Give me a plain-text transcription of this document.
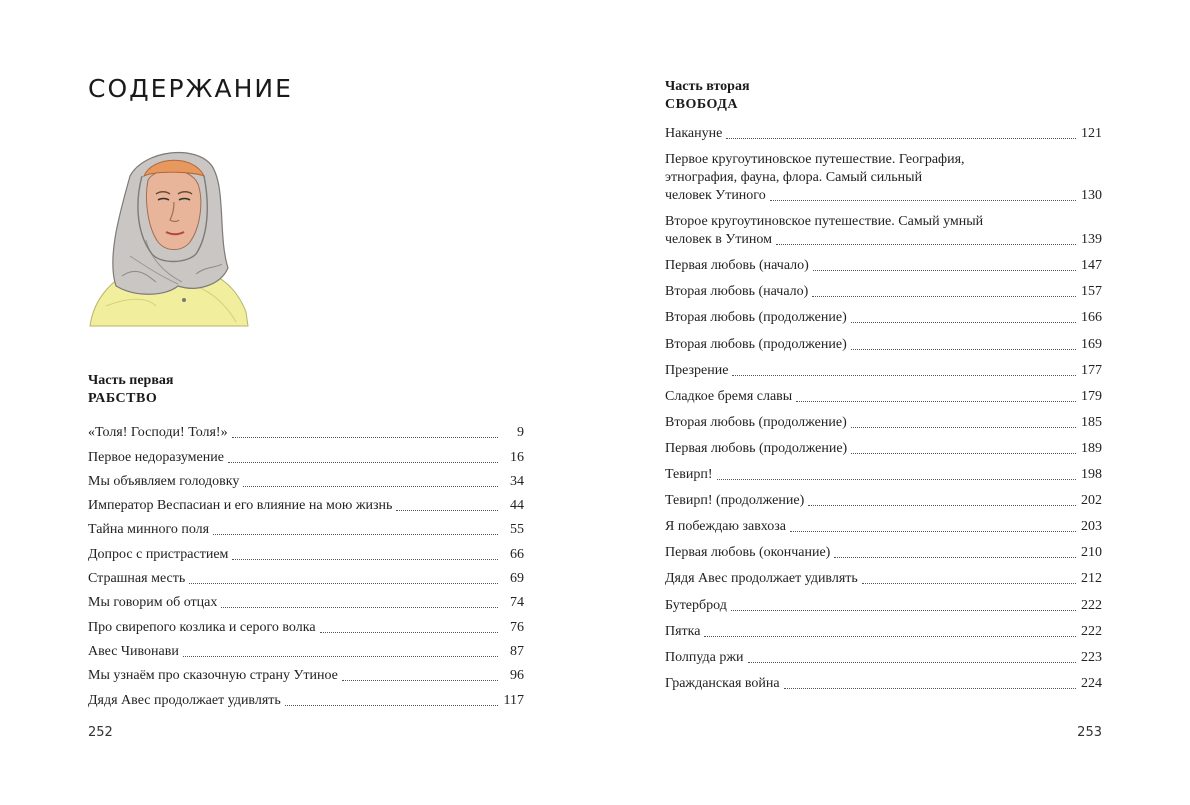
СОДЕРЖАНИЕ
Часть первая
РАБСТВО
«Толя! Господи! Толя!»	9
Первое недоразумение	16
Мы объявляем голодовку	34
Император Веспасиан и его влияние на мою жизнь	44
Тайна минного поля	55
Допрос с пристрастием	66
Страшная месть	69
Мы говорим об отцах	74
Про свирепого козлика и серого волка	76
Авес Чивонави	87
Мы узнаём про сказочную страну Утиное	96
Дядя Авес продолжает удивлять	117
252
Часть вторая
СВОБОДА
253
Накануне	121
Первое кругоутиновское путешествие. География,
этнография, фауна, флора. Самый сильный
человек Утиного	130
Второе кругоутиновское путешествие. Самый умный
человек в Утином	139
Первая любовь (начало)	147
Вторая любовь (начало)	157
Вторая любовь (продолжение)	166
Вторая любовь (продолжение)	169
Презрение	177
Сладкое бремя славы	179
Вторая любовь (продолжение)	185
Первая любовь (продолжение)	189
Тевирп!	198
Тевирп! (продолжение)	202
Я побеждаю завхоза	203
Первая любовь (окончание)	210
Дядя Авес продолжает удивлять	212
Бутерброд	222
Пятка	222
Полпуда ржи	223
Гражданская война	224
